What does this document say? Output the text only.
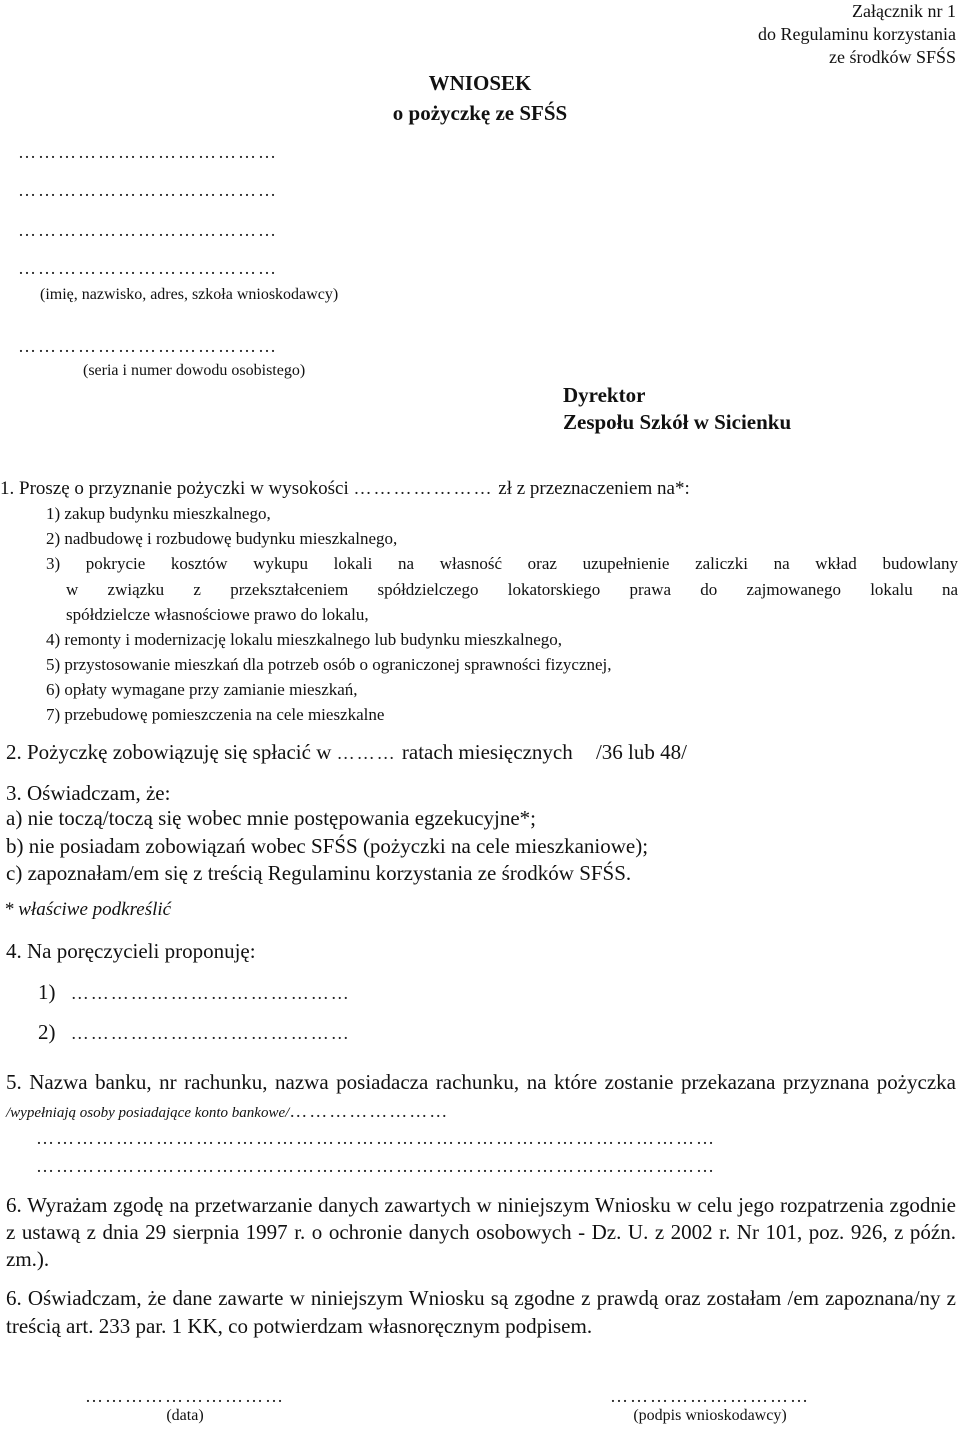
Załącznik nr 1
do Regulaminu korzystania
ze środków SFŚS
WNIOSEK
o pożyczkę ze SFŚS
…………………………………
…………………………………
…………………………………
…………………………………
(imię, nazwisko, adres, szkoła wnioskodawcy)
…………………………………
(seria i numer dowodu osobistego)
Dyrektor
Zespołu Szkół w Sicienku
1. Proszę o przyznanie pożyczki w wysokości ………………… zł z przeznaczeniem na*:
1) zakup budynku mieszkalnego,
2) nadbudowę i rozbudowę budynku mieszkalnego,
3) pokrycie kosztów wykupu lokali na własność oraz uzupełnienie zaliczki na wkład budowlany
w związku z przekształceniem spółdzielczego lokatorskiego prawa do zajmowanego lokalu na
spółdzielcze własnościowe prawo do lokalu,
4) remonty i modernizację lokalu mieszkalnego lub budynku mieszkalnego,
5) przystosowanie mieszkań dla potrzeb osób o ograniczonej sprawności fizycznej,
6) opłaty wymagane przy zamianie mieszkań,
7) przebudowę pomieszczenia na cele mieszkalne
2. Pożyczkę zobowiązuję się spłacić w ……… ratach miesięcznych /36 lub 48/
3. Oświadczam, że:
a) nie toczą/toczą się wobec mnie postępowania egzekucyjne*;
b) nie posiadam zobowiązań wobec SFŚS (pożyczki na cele mieszkaniowe);
c) zapoznałam/em się z treścią Regulaminu korzystania ze środków SFŚS.
* właściwe podkreślić
4. Na poręczycieli proponuję:
1) ……………………………………
2) ……………………………………
5. Nazwa banku, nr rachunku, nazwa posiadacza rachunku, na które zostanie przekazana przyznana pożyczka /wypełniają osoby posiadające konto bankowe/……………………
…………………………………………………………………………………………
…………………………………………………………………………………………
6. Wyrażam zgodę na przetwarzanie danych zawartych w niniejszym Wniosku w celu jego rozpatrzenia zgodnie z ustawą z dnia 29 sierpnia 1997 r. o ochronie danych osobowych - Dz. U. z 2002 r. Nr 101, poz. 926, z późn. zm.).
6. Oświadczam, że dane zawarte w niniejszym Wniosku są zgodne z prawdą oraz zostałam /em zapoznana/ny z treścią art. 233 par. 1 KK, co potwierdzam własnoręcznym podpisem.
…………………………
(data)
…………………………
(podpis wnioskodawcy)
